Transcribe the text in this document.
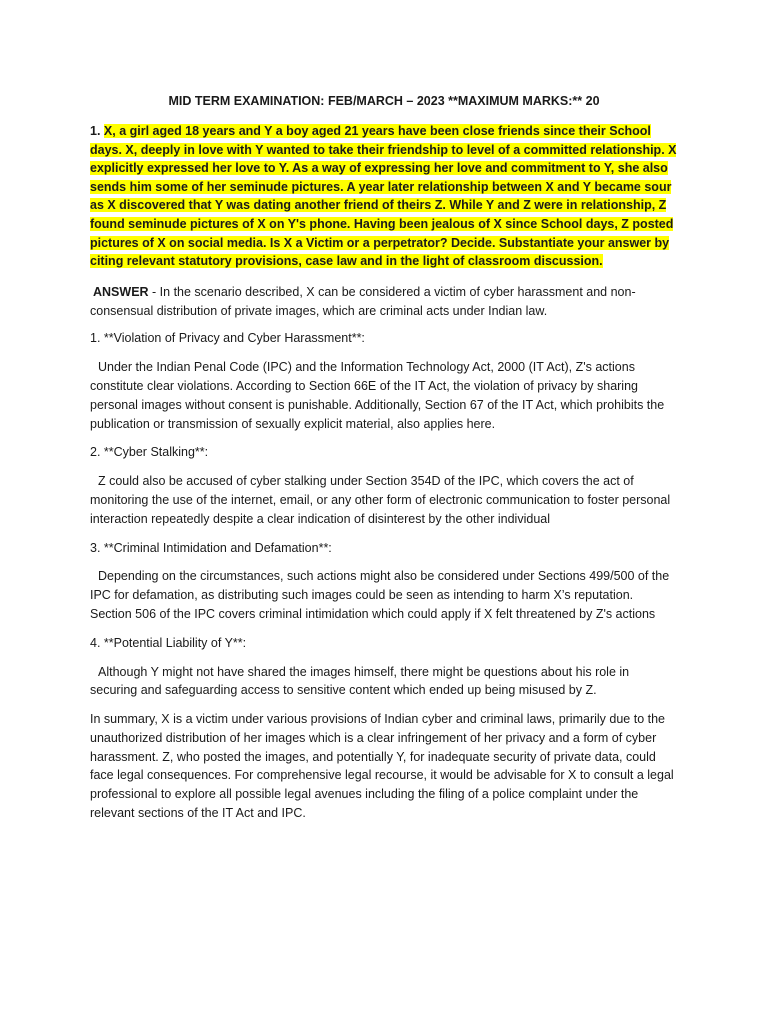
MID TERM EXAMINATION: FEB/MARCH – 2023 **MAXIMUM MARKS:** 20
1. X, a girl aged 18 years and Y a boy aged 21 years have been close friends since their School days. X, deeply in love with Y wanted to take their friendship to level of a committed relationship. X explicitly expressed her love to Y. As a way of expressing her love and commitment to Y, she also sends him some of her seminude pictures. A year later relationship between X and Y became sour as X discovered that Y was dating another friend of theirs Z. While Y and Z were in relationship, Z found seminude pictures of X on Y's phone. Having been jealous of X since School days, Z posted pictures of X on social media. Is X a Victim or a perpetrator? Decide. Substantiate your answer by citing relevant statutory provisions, case law and in the light of classroom discussion.

ANSWER - In the scenario described, X can be considered a victim of cyber harassment and non-consensual distribution of private images, which are criminal acts under Indian law.

1. **Violation of Privacy and Cyber Harassment**:

Under the Indian Penal Code (IPC) and the Information Technology Act, 2000 (IT Act), Z's actions constitute clear violations. According to Section 66E of the IT Act, the violation of privacy by sharing personal images without consent is punishable. Additionally, Section 67 of the IT Act, which prohibits the publication or transmission of sexually explicit material, also applies here.

2. **Cyber Stalking**:

Z could also be accused of cyber stalking under Section 354D of the IPC, which covers the act of monitoring the use of the internet, email, or any other form of electronic communication to foster personal interaction repeatedly despite a clear indication of disinterest by the other individual

3. **Criminal Intimidation and Defamation**:

Depending on the circumstances, such actions might also be considered under Sections 499/500 of the IPC for defamation, as distributing such images could be seen as intending to harm X’s reputation. Section 506 of the IPC covers criminal intimidation which could apply if X felt threatened by Z's actions

4. **Potential Liability of Y**:

Although Y might not have shared the images himself, there might be questions about his role in securing and safeguarding access to sensitive content which ended up being misused by Z.

In summary, X is a victim under various provisions of Indian cyber and criminal laws, primarily due to the unauthorized distribution of her images which is a clear infringement of her privacy and a form of cyber harassment. Z, who posted the images, and potentially Y, for inadequate security of private data, could face legal consequences. For comprehensive legal recourse, it would be advisable for X to consult a legal professional to explore all possible legal avenues including the filing of a police complaint under the relevant sections of the IT Act and IPC.
